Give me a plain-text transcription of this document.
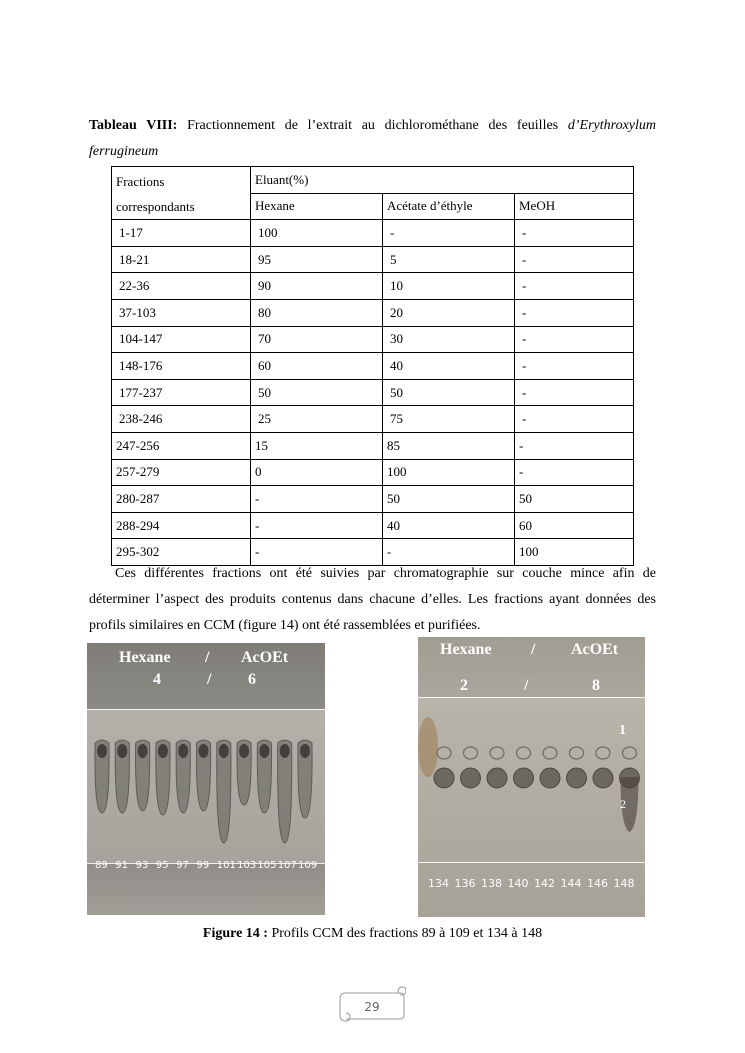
Tableau VIII: Fractionnement de l’extrait au dichlorométhane des feuilles d’Erythroxylum ferrugineum
Fractions
correspondants	Eluant(%)		
	Hexane	Acétate d’éthyle	MeOH
1-17	100	-	-
18-21	95	5	-
22-36	90	10	-
37-103	80	20	-
104-147	70	30	-
148-176	60	40	-
177-237	50	50	-
238-246	25	75	-
247-256	15	85	-
257-279	0	100	-
280-287	-	50	50
288-294	-	40	60
295-302	-	-	100
Ces différentes fractions ont été suivies par chromatographie sur couche mince afin de déterminer l’aspect des produits contenus dans chacune d’elles. Les fractions ayant données des profils similaires en CCM (figure 14) ont été rassemblées et purifiées.
Hexane / AcOEt
4	/ 6
89 91 93 95 97 99 101 103 105 107 109
Hexane / AcOEt
2	/	8
1
2
134 136 138 140 142 144 146 148
Figure 14 : Profils CCM des fractions 89 à 109 et 134 à 148
29
